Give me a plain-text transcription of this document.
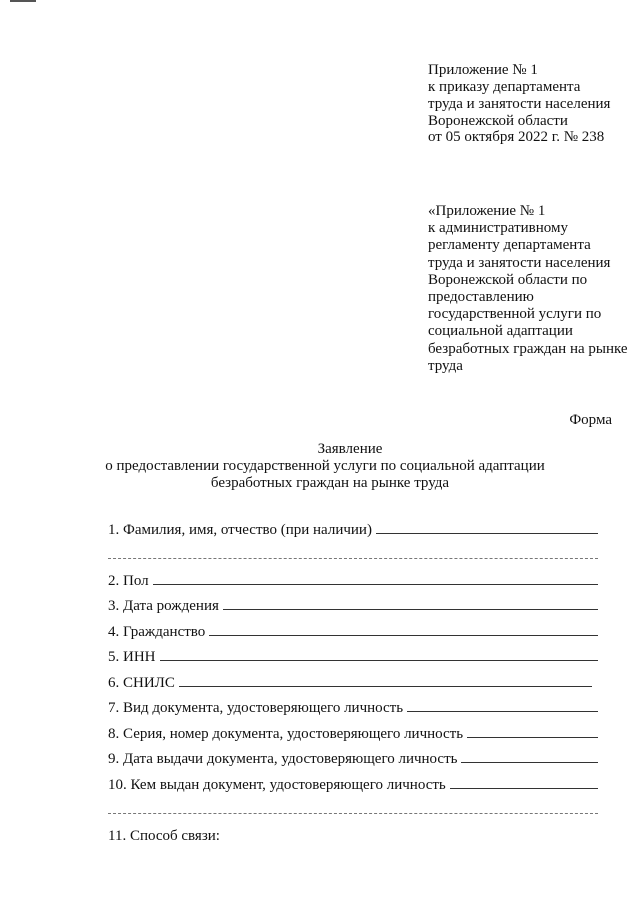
Приложение № 1
к приказу департамента
труда и занятости населения
Воронежской области
от 05 октября 2022 г. № 238
«Приложение № 1
к административному
регламенту департамента
труда и занятости населения
Воронежской области по
предоставлению
государственной услуги по
социальной адаптации
безработных граждан на рынке
труда
Форма
Заявление
о предоставлении государственной услуги по социальной адаптации
безработных граждан на рынке труда
1. Фамилия, имя, отчество (при наличии)
2. Пол
3. Дата рождения
4. Гражданство
5. ИНН
6. СНИЛС
7. Вид документа, удостоверяющего личность
8. Серия, номер документа, удостоверяющего личность
9. Дата выдачи документа, удостоверяющего личность
10. Кем выдан документ, удостоверяющего личность
11. Способ связи:
